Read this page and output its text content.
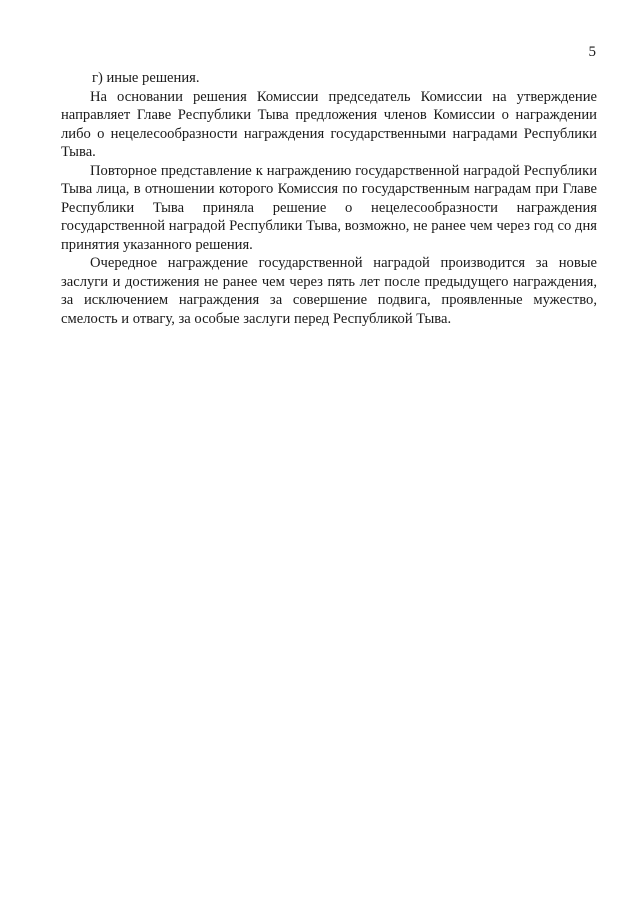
5

г) иные решения.

На основании решения Комиссии председатель Комиссии на утверждение направляет Главе Республики Тыва предложения членов Комиссии о награждении либо о нецелесообразности награждения государственными наградами Республики Тыва.

Повторное представление к награждению государственной наградой Республики Тыва лица, в отношении которого Комиссия по государственным наградам при Главе Республики Тыва приняла решение о нецелесообразности награждения государственной наградой Республики Тыва, возможно, не ранее чем через год со дня принятия указанного решения.

Очередное награждение государственной наградой производится за новые заслуги и достижения не ранее чем через пять лет после предыдущего награждения, за исключением награждения за совершение подвига, проявленные мужество, смелость и отвагу, за особые заслуги перед Республикой Тыва.
